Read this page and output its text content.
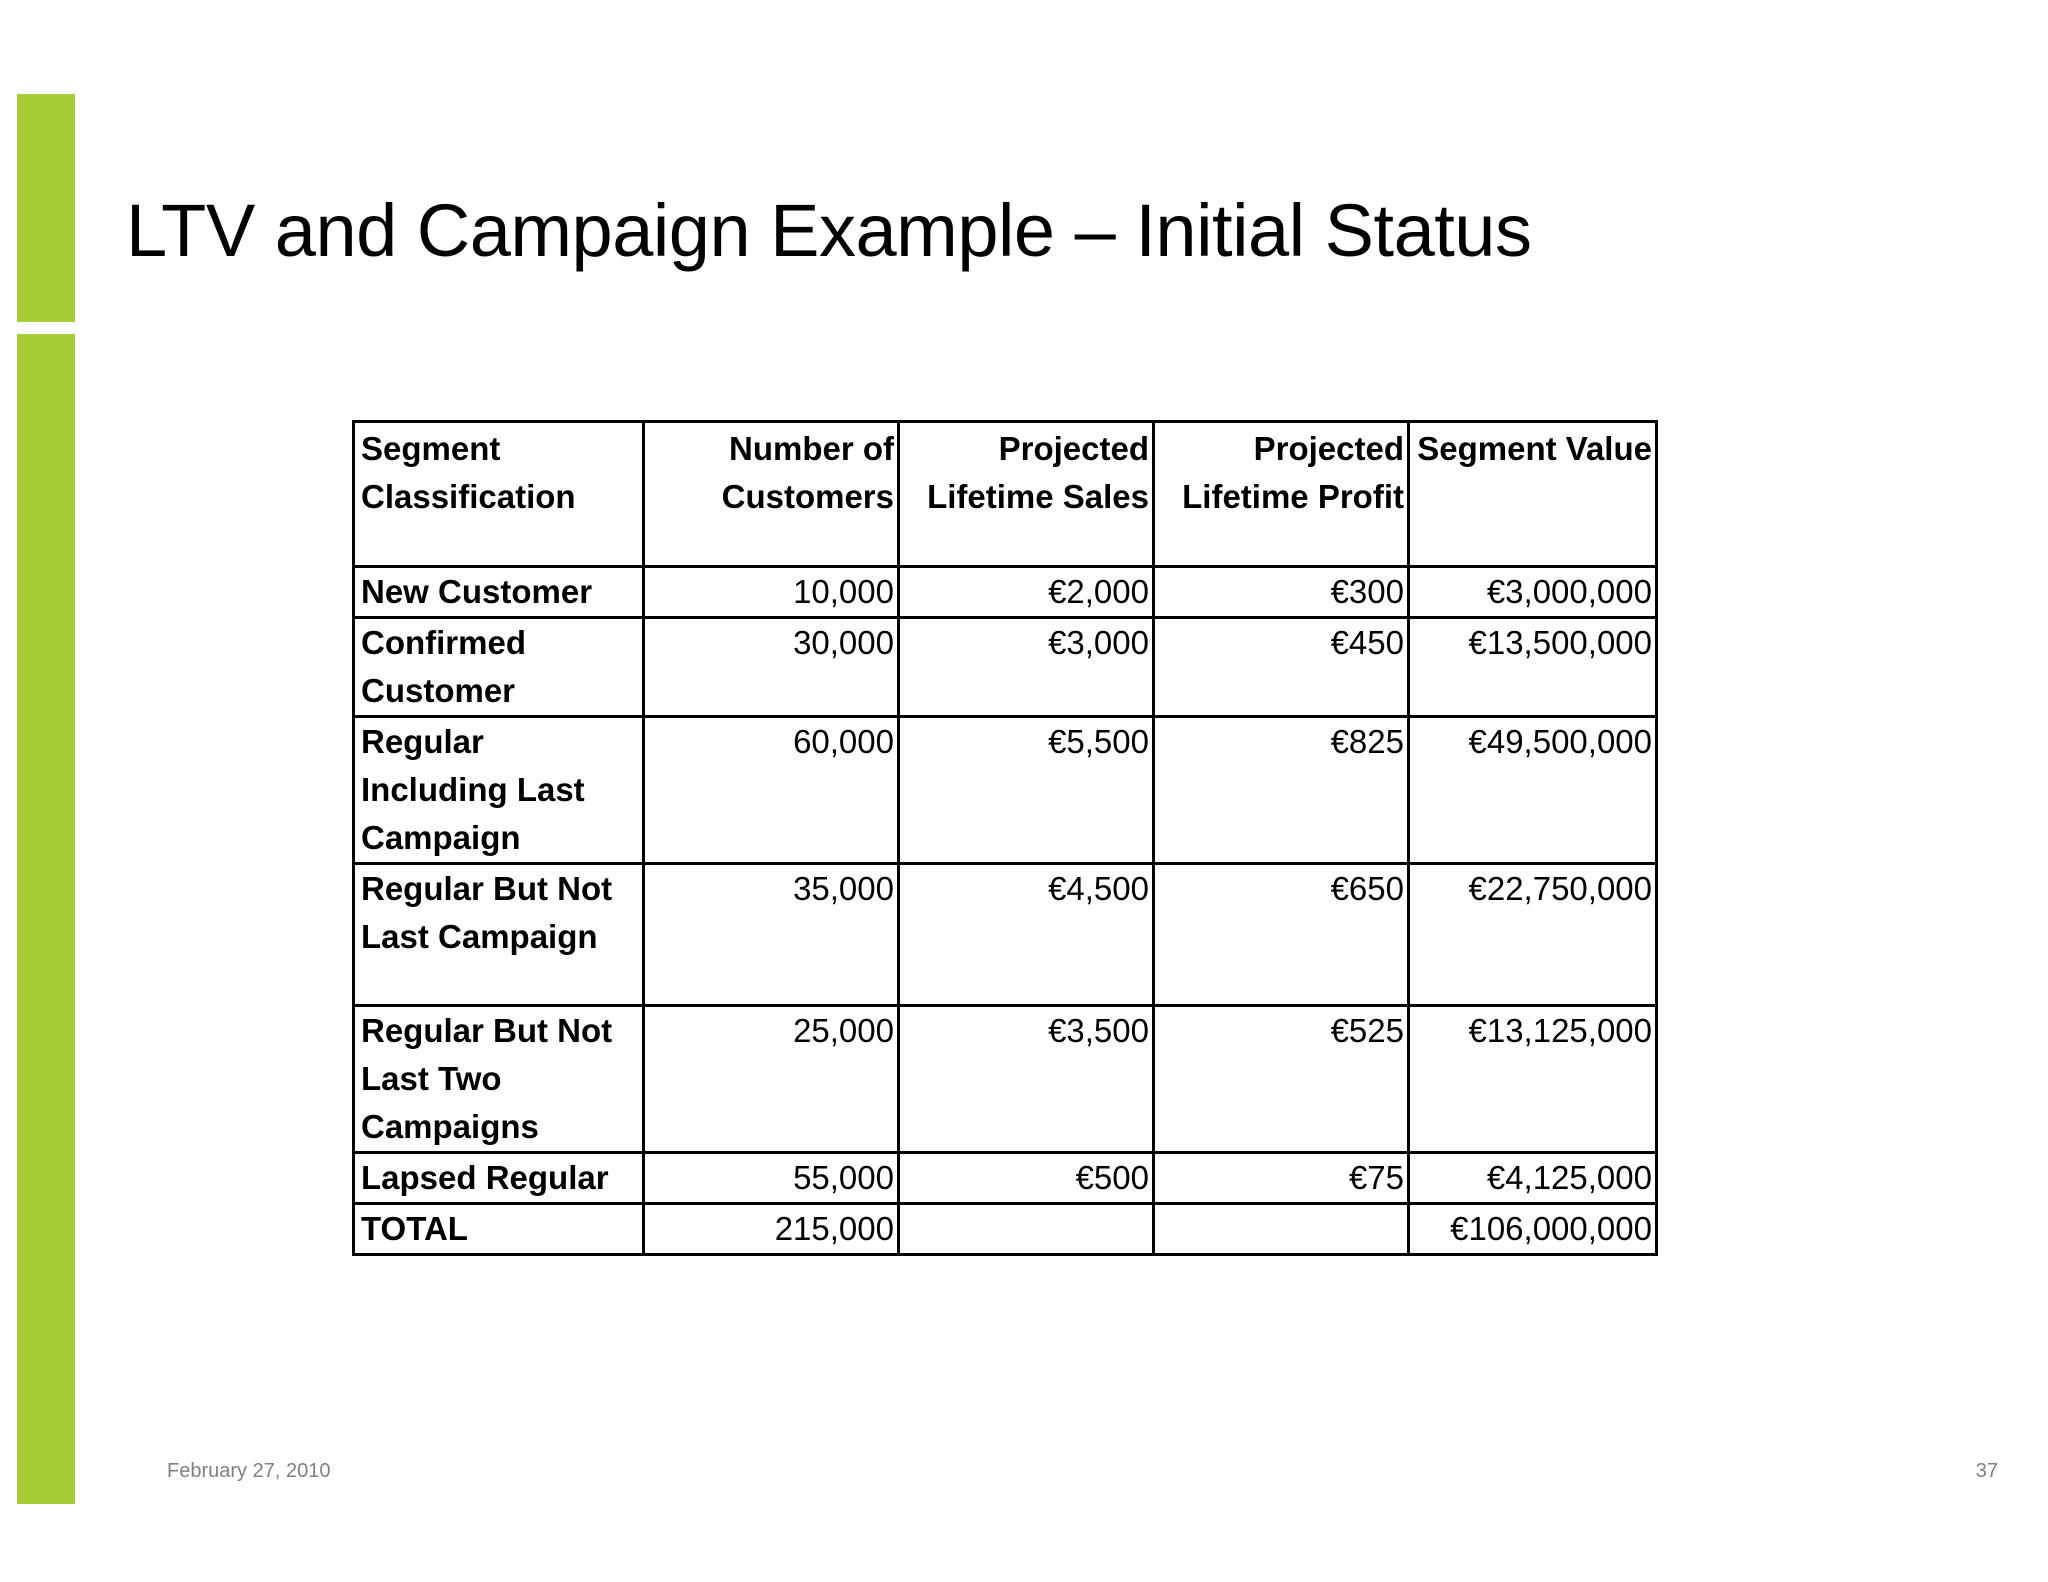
LTV and Campaign Example – Initial Status
Segment Classification	Number of Customers	Projected Lifetime Sales	Projected Lifetime Profit	Segment Value
New Customer	10,000	€2,000	€300	€3,000,000
Confirmed Customer	30,000	€3,000	€450	€13,500,000
Regular Including Last Campaign	60,000	€5,500	€825	€49,500,000
Regular But Not Last Campaign	35,000	€4,500	€650	€22,750,000
Regular But Not Last Two Campaigns	25,000	€3,500	€525	€13,125,000
Lapsed Regular	55,000	€500	€75	€4,125,000
TOTAL	215,000			€106,000,000
February 27, 2010	37
